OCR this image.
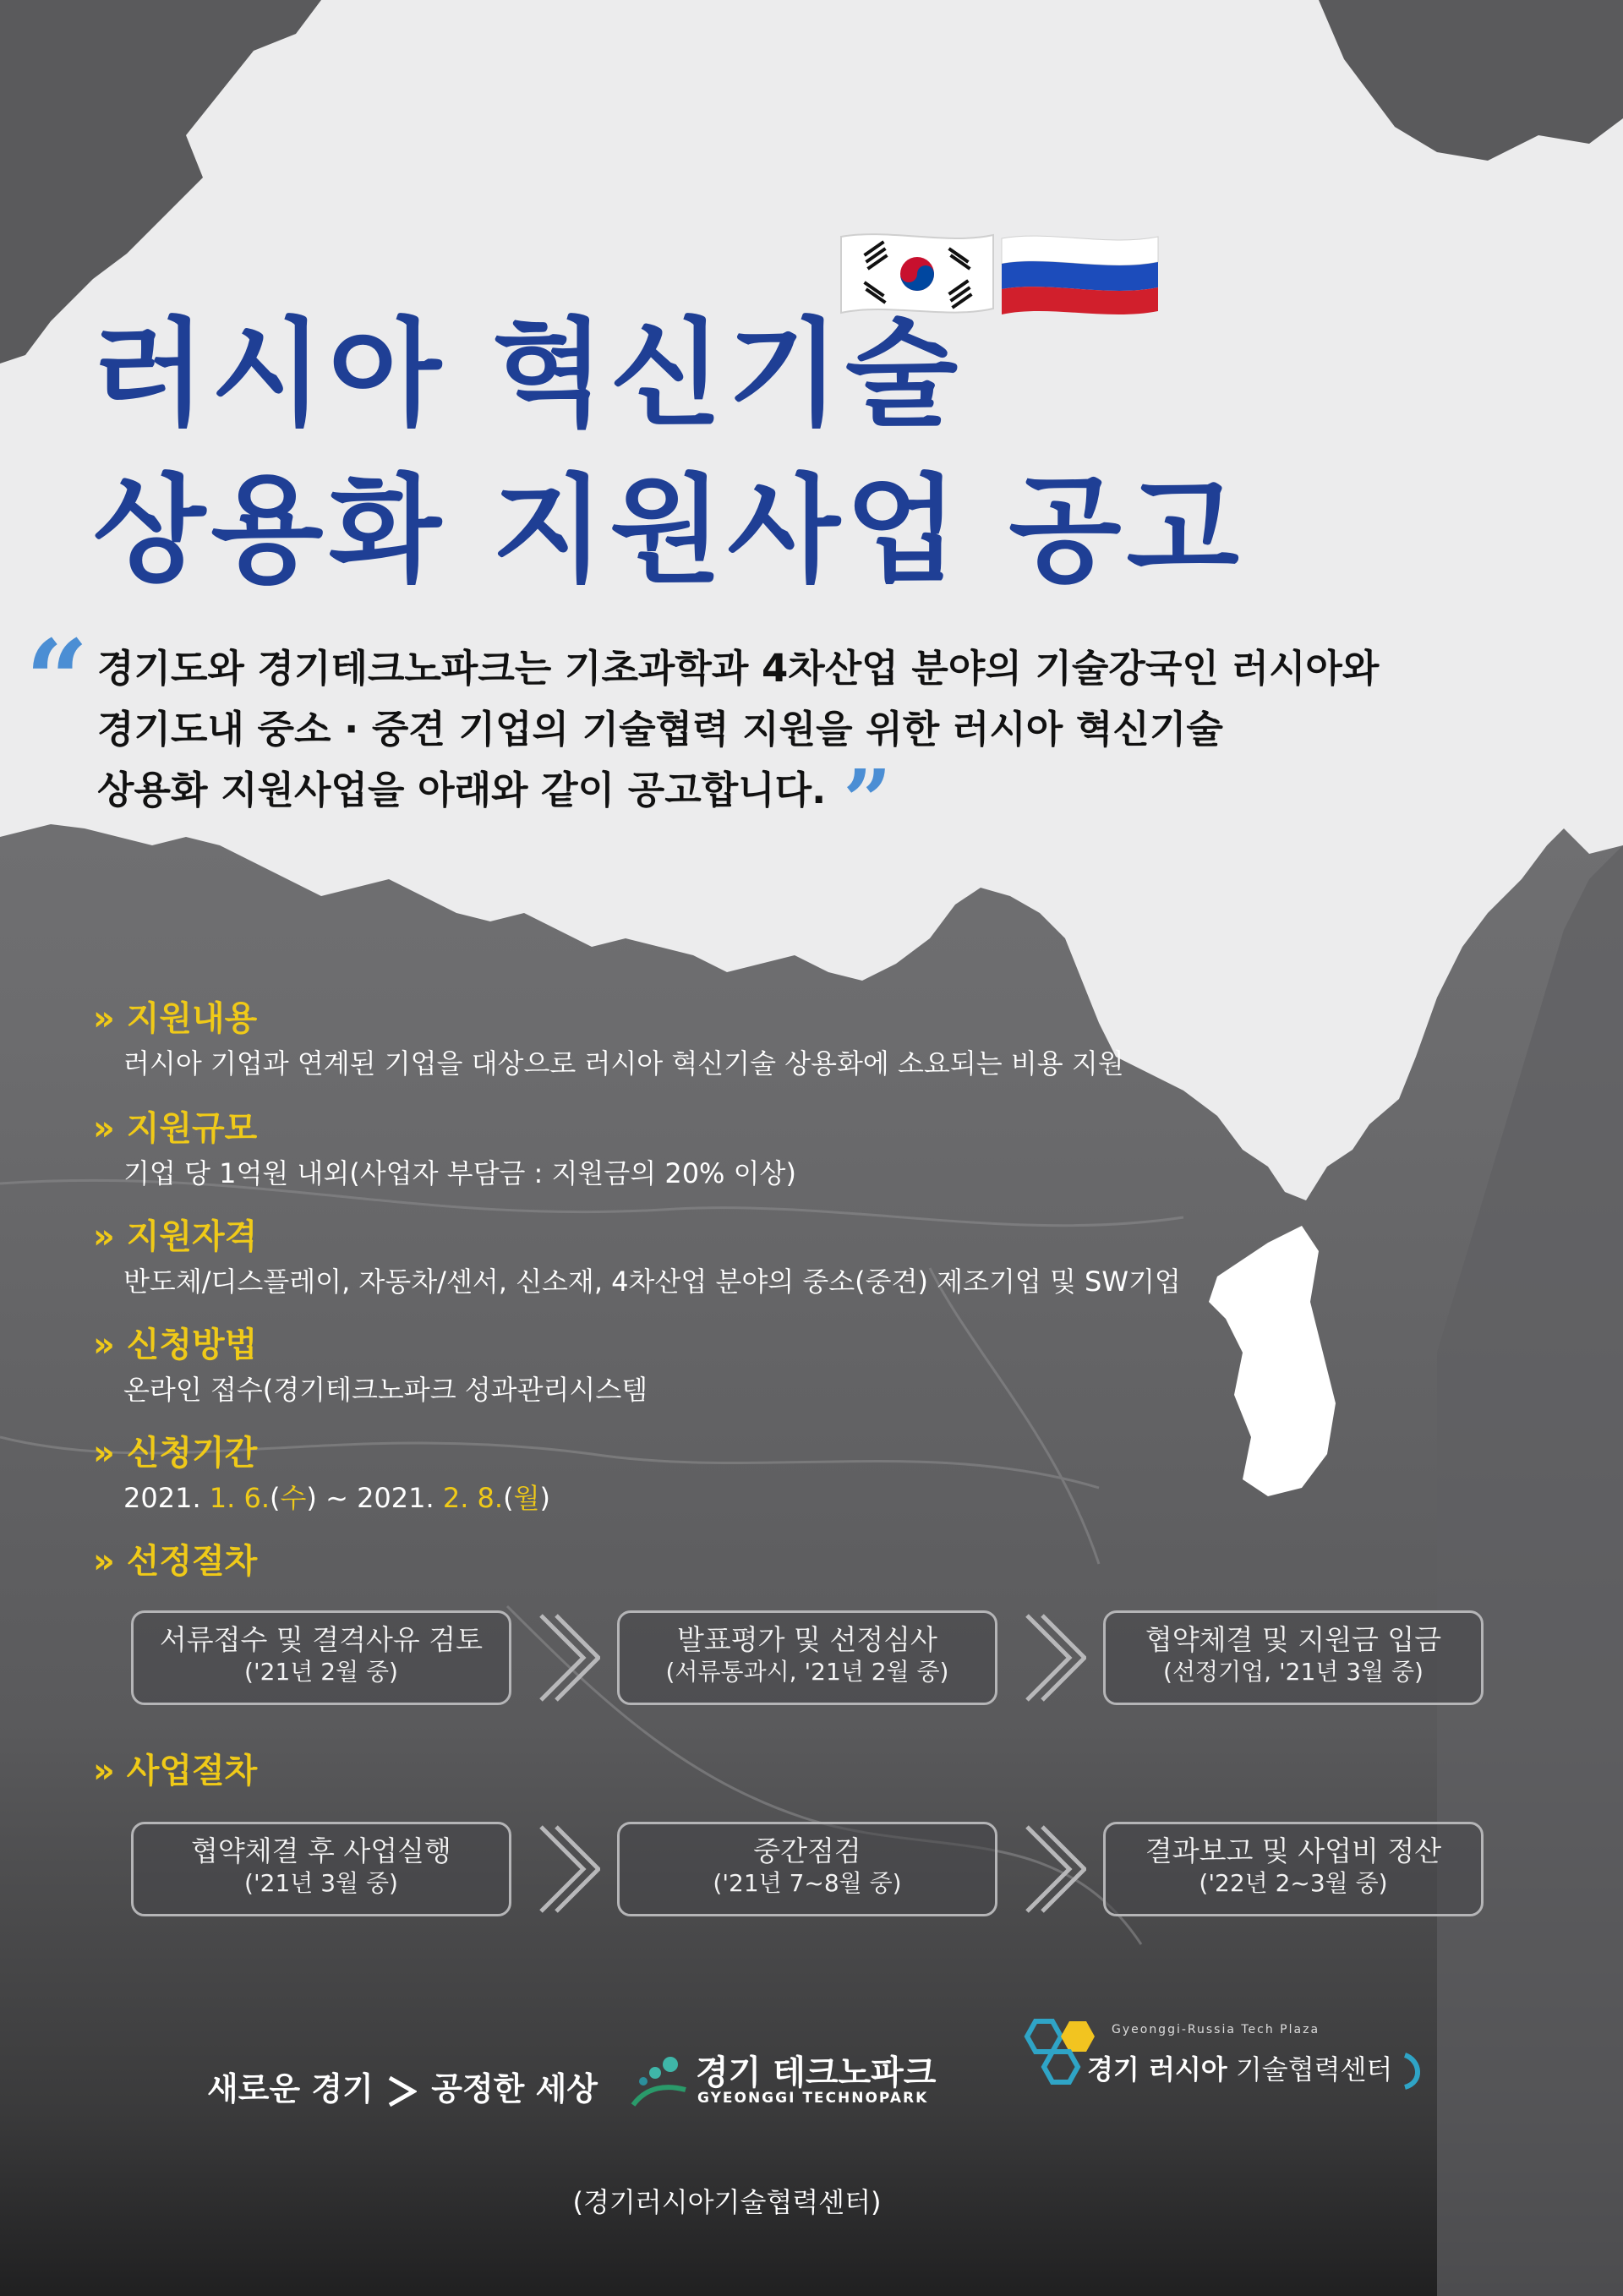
러시아 혁신기술
상용화 지원사업 공고
“ 경기도와 경기테크노파크는 기초과학과 4차산업 분야의 기술강국인 러시아와
경기도내 중소 · 중견 기업의 기술협력 지원을 위한 러시아 혁신기술
상용화 지원사업을 아래와 같이 공고합니다. ”
» 지원내용
러시아 기업과 연계된 기업을 대상으로 러시아 혁신기술 상용화에 소요되는 비용 지원
» 지원규모
기업 당 1억원 내외(사업자 부담금 : 지원금의 20% 이상)
» 지원자격
반도체/디스플레이, 자동차/센서, 신소재, 4차산업 분야의 중소(중견) 제조기업 및 SW기업
» 신청방법
온라인 접수(경기테크노파크 성과관리시스템
» 신청기간
2021. 1. 6.(수) ~ 2021. 2. 8.(월)
» 선정절차
서류접수 및 결격사유 검토
('21년 2월 중)
발표평가 및 선정심사
(서류통과시, '21년 2월 중)
협약체결 및 지원금 입금
(선정기업, '21년 3월 중)
» 사업절차
협약체결 후 사업실행
('21년 3월 중)
중간점검
('21년 7~8월 중)
결과보고 및 사업비 정산
('22년 2~3월 중)
새로운 경기 공정한 세상	경기 테크노파크
GYEONGGI TECHNOPARK
Gyeonggi-Russia Tech Plaza
경기 러시아 기술협력센터
(경기러시아기술협력센터)
